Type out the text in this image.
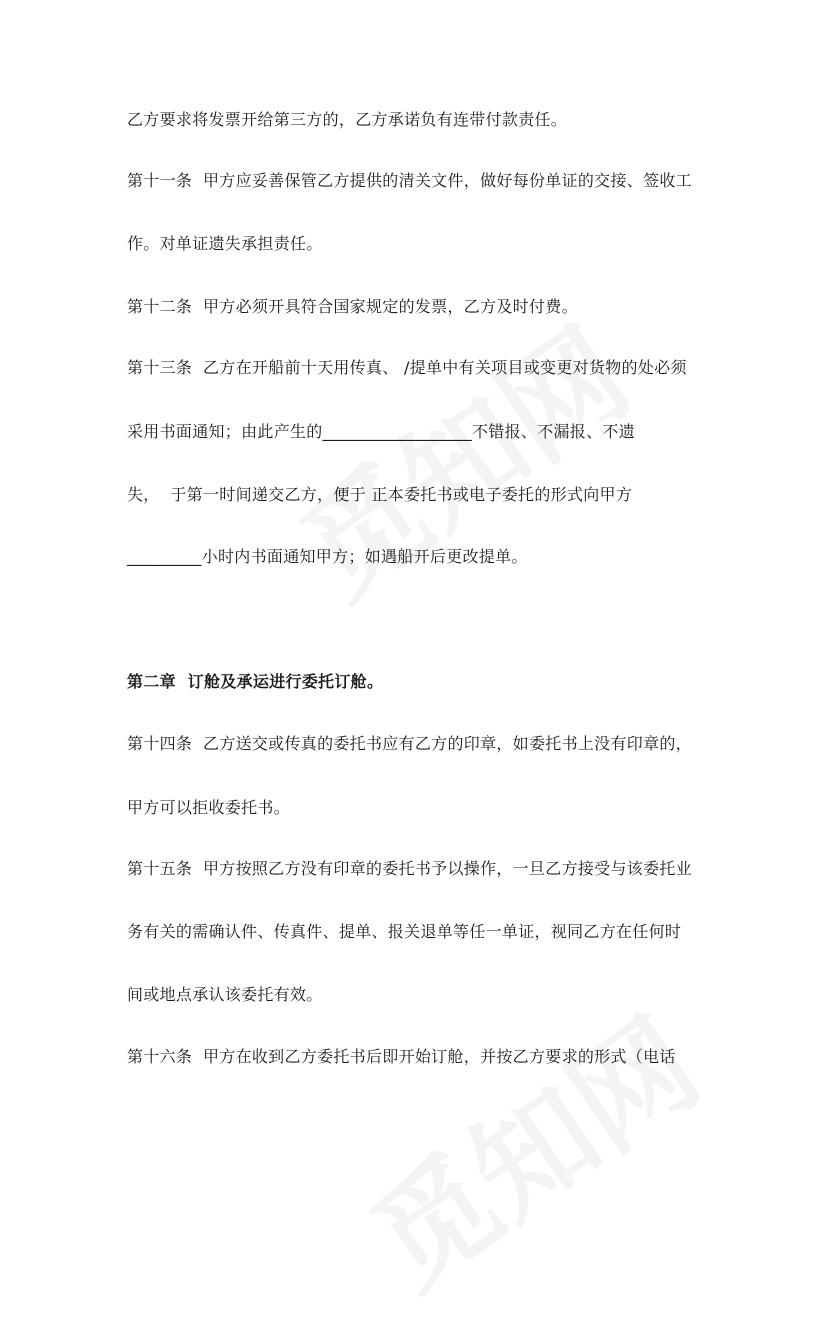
乙方要求将发票开给第三方的，乙方承诺负有连带付款责任。
第十一条  甲方应妥善保管乙方提供的清关文件，做好每份单证的交接、签收工
作。对单证遗失承担责任。
第十二条  甲方必须开具符合国家规定的发票，乙方及时付费。
第十三条  乙方在开船前十天用传真、 /提单中有关项目或变更对货物的处必须
采用书面通知；由此产生的__________________不错报、不漏报、不遗
失，  于第一时间递交乙方，便于 正本委托书或电子委托的形式向甲方
_________小时内书面通知甲方；如遇船开后更改提单。
第二章  订舱及承运进行委托订舱。
第十四条  乙方送交或传真的委托书应有乙方的印章，如委托书上没有印章的，
甲方可以拒收委托书。
第十五条  甲方按照乙方没有印章的委托书予以操作，一旦乙方接受与该委托业
务有关的需确认件、传真件、提单、报关退单等任一单证，视同乙方在任何时
间或地点承认该委托有效。
第十六条  甲方在收到乙方委托书后即开始订舱，并按乙方要求的形式（电话
